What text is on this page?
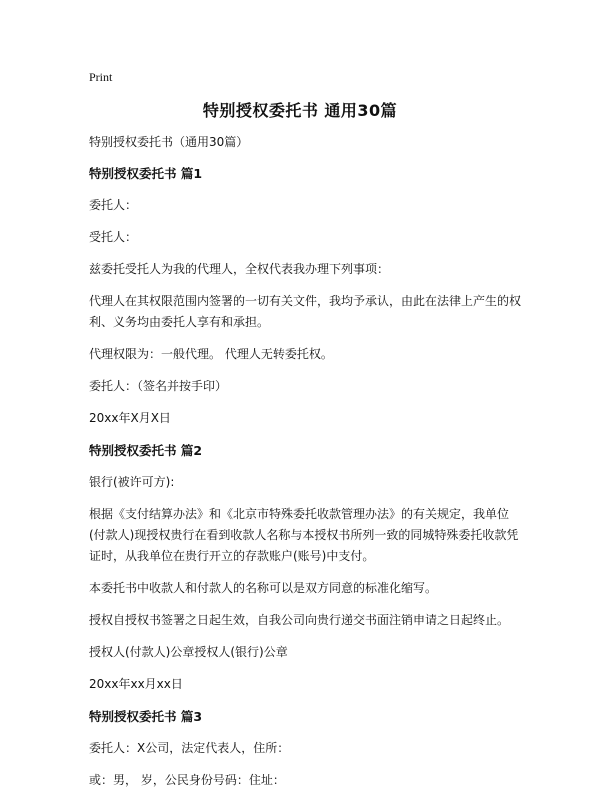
Print
特别授权委托书 通用30篇
特别授权委托书（通用30篇）
特别授权委托书 篇1
委托人：
受托人：
兹委托受托人为我的代理人，全权代表我办理下列事项：
代理人在其权限范围内签署的一切有关文件，我均予承认，由此在法律上产生的权利、义务均由委托人享有和承担。
代理权限为：一般代理。 代理人无转委托权。
委托人：（签名并按手印）
20xx年X月X日
特别授权委托书 篇2
银行(被许可方):
根据《支付结算办法》和《北京市特殊委托收款管理办法》的有关规定，我单位(付款人)现授权贵行在看到收款人名称与本授权书所列一致的同城特殊委托收款凭证时，从我单位在贵行开立的存款账户(账号)中支付。
本委托书中收款人和付款人的名称可以是双方同意的标准化缩写。
授权自授权书签署之日起生效，自我公司向贵行递交书面注销申请之日起终止。
授权人(付款人)公章授权人(银行)公章
20xx年xx月xx日
特别授权委托书 篇3
委托人：X公司，法定代表人，住所：
或：男， 岁，公民身份号码：住址：
